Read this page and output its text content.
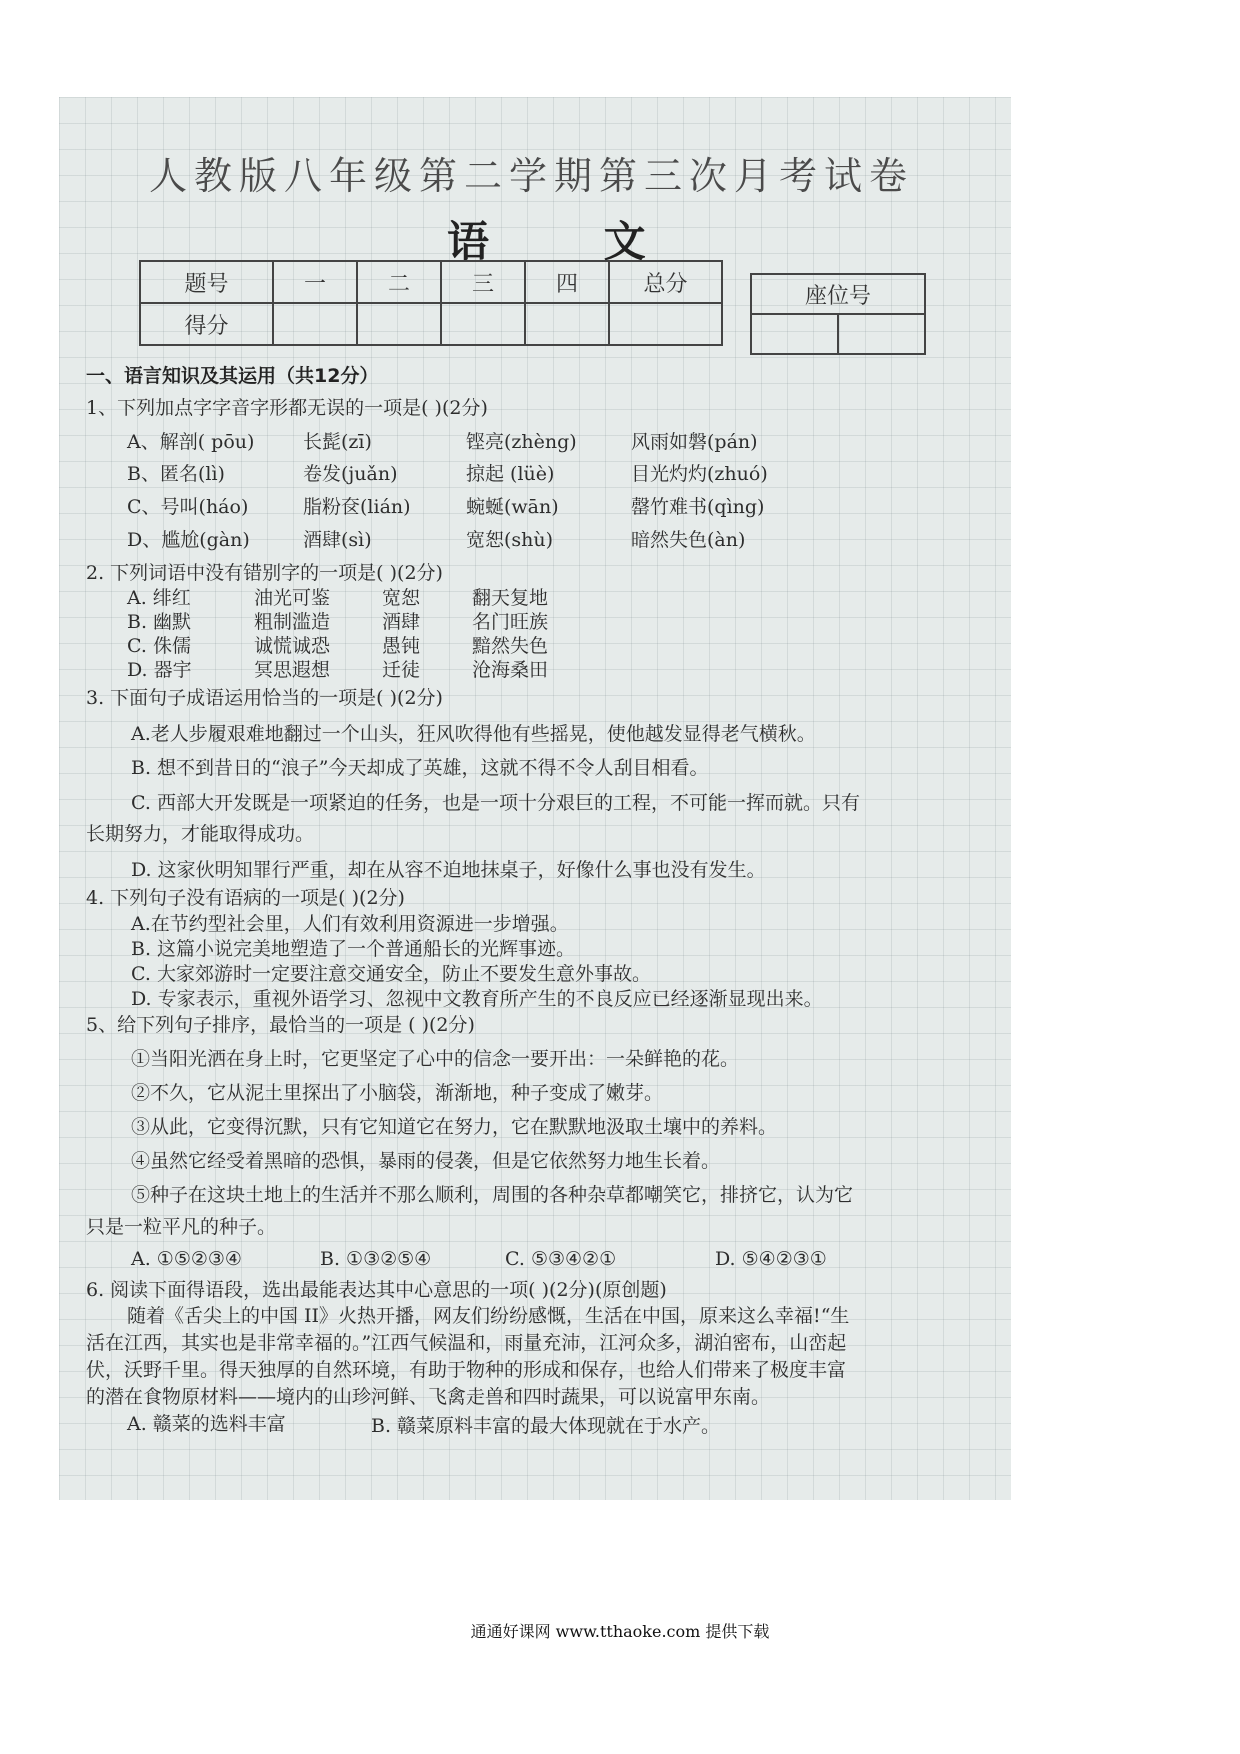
人教版八年级第二学期第三次月考试卷
语 文
题号	一	二	三	四	总分
得分					
座位号

一、语言知识及其运用（共12分）
1、下列加点字字音字形都无误的一项是( )(2分)
A、解剖( pōu)	长髭(zī)	铿亮(zhèng)	风雨如磐(pán)
B、匿名(lì)	卷发(juǎn)	掠起 (lüè)	目光灼灼(zhuó)
C、号叫(háo)	脂粉奁(lián)	蜿蜒(wān)	罄竹难书(qìng)
D、尴尬(gàn)	酒肆(sì)	宽恕(shù)	暗然失色(àn)
2. 下列词语中没有错别字的一项是( )(2分)
A. 绯红	油光可鉴	宽恕	翻天复地
B. 幽默	粗制滥造	酒肆	名门旺族
C. 侏儒	诚慌诚恐	愚钝	黯然失色
D. 器宇	冥思遐想	迁徒	沧海桑田
3. 下面句子成语运用恰当的一项是( )(2分)
A.老人步履艰难地翻过一个山头，狂风吹得他有些摇晃，使他越发显得老气横秋。
B. 想不到昔日的“浪子”今天却成了英雄，这就不得不令人刮目相看。
C. 西部大开发既是一项紧迫的任务，也是一项十分艰巨的工程，不可能一挥而就。只有
长期努力，才能取得成功。
D. 这家伙明知罪行严重，却在从容不迫地抹桌子，好像什么事也没有发生。
4. 下列句子没有语病的一项是( )(2分)
A.在节约型社会里，人们有效利用资源进一步增强。
B. 这篇小说完美地塑造了一个普通船长的光辉事迹。
C. 大家郊游时一定要注意交通安全，防止不要发生意外事故。
D. 专家表示，重视外语学习、忽视中文教育所产生的不良反应已经逐渐显现出来。
5、给下列句子排序，最恰当的一项是 ( )(2分)
①当阳光洒在身上时，它更坚定了心中的信念一要开出：一朵鲜艳的花。
②不久，它从泥土里探出了小脑袋，渐渐地，种子变成了嫩芽。
③从此，它变得沉默，只有它知道它在努力，它在默默地汲取土壤中的养料。
④虽然它经受着黑暗的恐惧，暴雨的侵袭，但是它依然努力地生长着。
⑤种子在这块土地上的生活并不那么顺利，周围的各种杂草都嘲笑它，排挤它，认为它
只是一粒平凡的种子。
A. ①⑤②③④	B. ①③②⑤④	C. ⑤③④②①	D. ⑤④②③①
6. 阅读下面得语段，选出最能表达其中心意思的一项( )(2分)(原创题)
随着《舌尖上的中国 II》火热开播，网友们纷纷感慨，生活在中国，原来这么幸福!“生
活在江西，其实也是非常幸福的。”江西气候温和，雨量充沛，江河众多，湖泊密布，山峦起
伏，沃野千里。得天独厚的自然环境，有助于物种的形成和保存，也给人们带来了极度丰富
的潜在食物原材料——境内的山珍河鲜、飞禽走兽和四时蔬果，可以说富甲东南。
A. 赣菜的选料丰富	B. 赣菜原料丰富的最大体现就在于水产。
通通好课网 www.tthaoke.com 提供下载
